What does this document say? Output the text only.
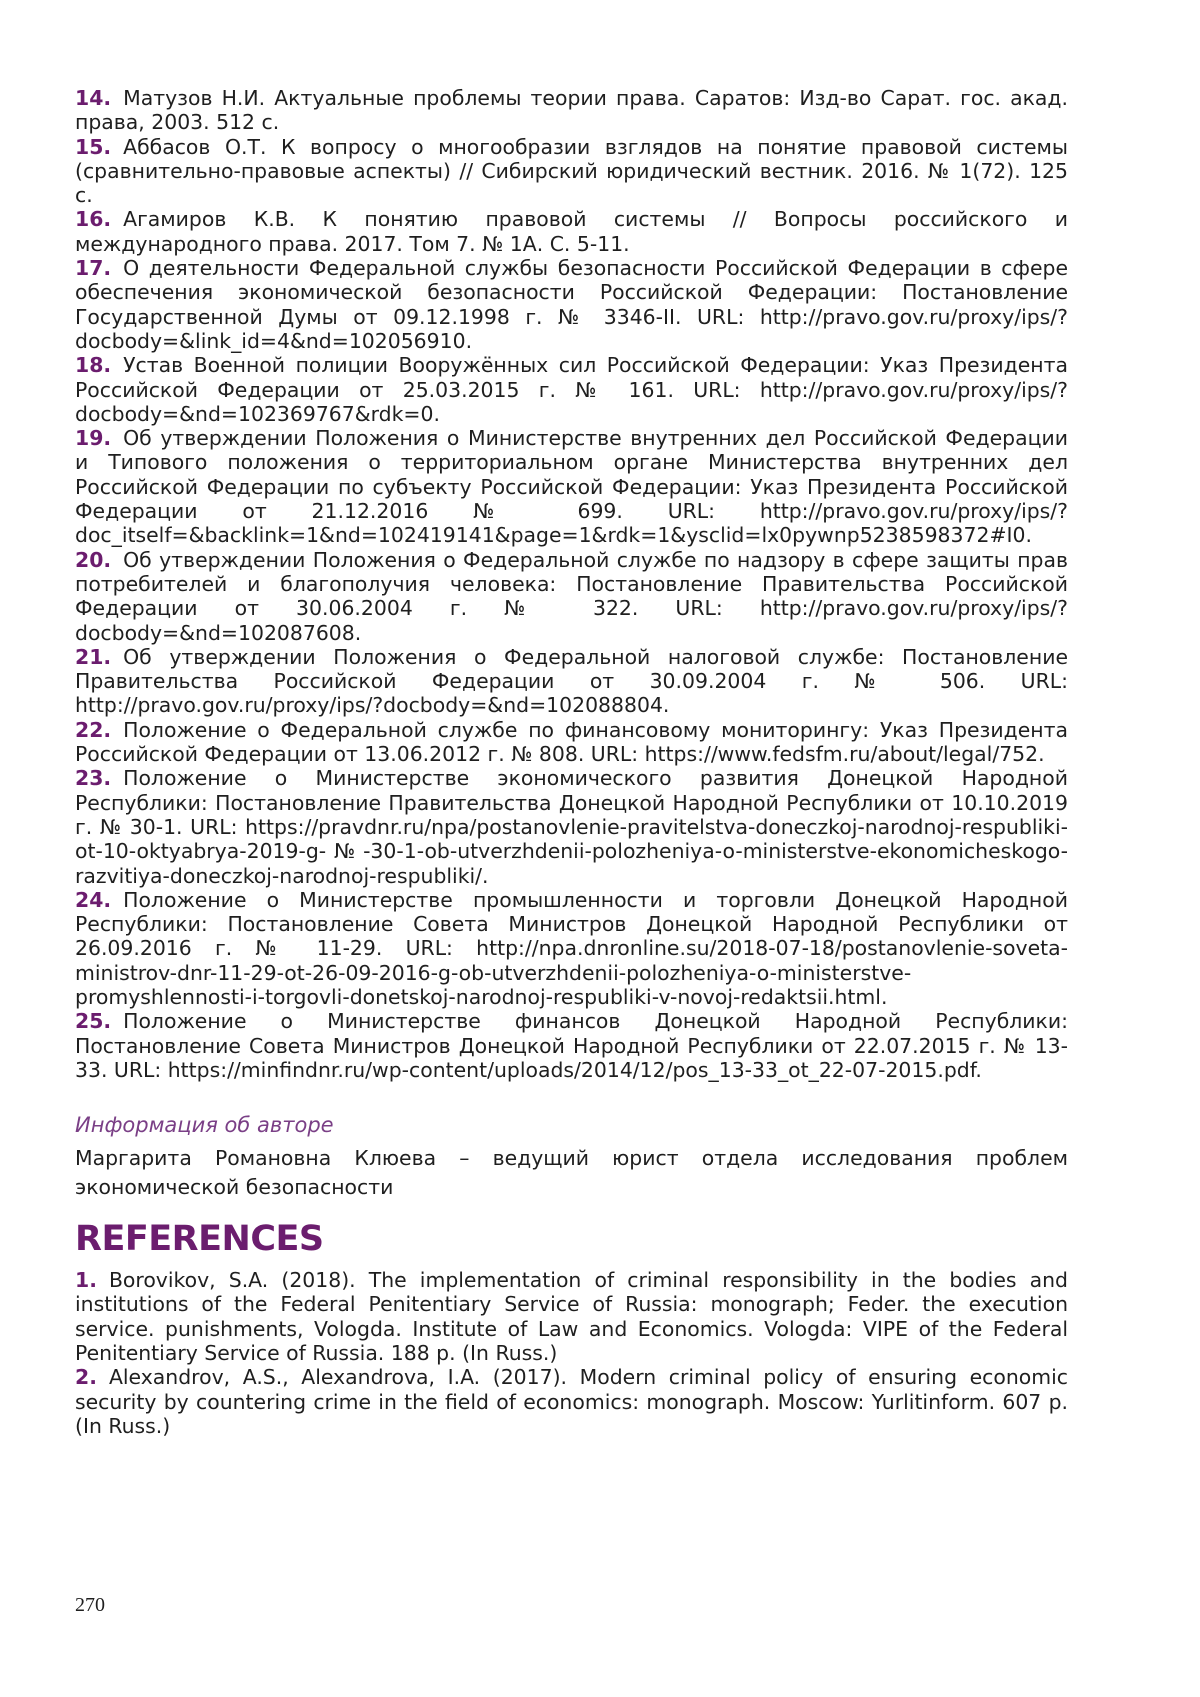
14. Матузов Н.И. Актуальные проблемы теории права. Саратов: Изд-во Сарат. гос. акад. права, 2003. 512 с.

15. Аббасов О.Т. К вопросу о многообразии взглядов на понятие правовой системы (сравнительно-правовые аспекты) // Сибирский юридический вестник. 2016. № 1(72). 125 с.

16. Агамиров К.В. К понятию правовой системы // Вопросы российского и международного права. 2017. Том 7. № 1А. С. 5-11.

17. О деятельности Федеральной службы безопасности Российской Федерации в сфере обеспечения экономической безопасности Российской Федерации: Постановление Государственной Думы от 09.12.1998 г. № 3346-II. URL: http://pravo.gov.ru/proxy/ips/?docbody=&link_id=4&nd=102056910.

18. Устав Военной полиции Вооружённых сил Российской Федерации: Указ Президента Российской Федерации от 25.03.2015 г. № 161. URL: http://pravo.gov.ru/proxy/ips/?docbody=&nd=102369767&rdk=0.

19. Об утверждении Положения о Министерстве внутренних дел Российской Федерации и Типового положения о территориальном органе Министерства внутренних дел Российской Федерации по субъекту Российской Федерации: Указ Президента Российской Федерации от 21.12.2016 № 699. URL: http://pravo.gov.ru/proxy/ips/?doc_itself=&backlink=1&nd=102419141&page=1&rdk=1&ysclid=lx0pywnp5238598372#I0.

20. Об утверждении Положения о Федеральной службе по надзору в сфере защиты прав потребителей и благополучия человека: Постановление Правительства Российской Федерации от 30.06.2004 г. № 322. URL: http://pravo.gov.ru/proxy/ips/?docbody=&nd=102087608.

21. Об утверждении Положения о Федеральной налоговой службе: Постановление Правительства Российской Федерации от 30.09.2004 г. № 506. URL: http://pravo.gov.ru/proxy/ips/?docbody=&nd=102088804.

22. Положение о Федеральной службе по финансовому мониторингу: Указ Президента Российской Федерации от 13.06.2012 г. № 808. URL: https://www.fedsfm.ru/about/legal/752.

23. Положение о Министерстве экономического развития Донецкой Народной Республики: Постановление Правительства Донецкой Народной Республики от 10.10.2019 г. № 30-1. URL: https://pravdnr.ru/npa/postanovlenie-pravitelstva-doneczkoj-narodnoj-respubliki-ot-10-oktyabrya-2019-g-№-30-1-ob-utverzhdenii-polozheniya-o-ministerstve-ekonomicheskogo-razvitiya-doneczkoj-narodnoj-respubliki/.

24. Положение о Министерстве промышленности и торговли Донецкой Народной Республики: Постановление Совета Министров Донецкой Народной Республики от 26.09.2016 г. № 11-29. URL: http://npa.dnronline.su/2018-07-18/postanovlenie-soveta-ministrov-dnr-11-29-ot-26-09-2016-g-ob-utverzhdenii-polozheniya-o-ministerstve-promyshlennosti-i-torgovli-donetskoj-narodnoj-respubliki-v-novoj-redaktsii.html.

25. Положение о Министерстве финансов Донецкой Народной Республики: Постановление Совета Министров Донецкой Народной Республики от 22.07.2015 г. № 13-33. URL: https://minfindnr.ru/wp-content/uploads/2014/12/pos_13-33_ot_22-07-2015.pdf.

Информация об авторе

Маргарита Романовна Клюева – ведущий юрист отдела исследования проблем экономической безопасности

REFERENCES

1. Borovikov, S.A. (2018). The implementation of criminal responsibility in the bodies and institutions of the Federal Penitentiary Service of Russia: monograph; Feder. the execution service. punishments, Vologda. Institute of Law and Economics. Vologda: VIPE of the Federal Penitentiary Service of Russia. 188 p. (In Russ.)

2. Alexandrov, A.S., Alexandrova, I.A. (2017). Modern criminal policy of ensuring economic security by countering crime in the field of economics: monograph. Moscow: Yurlitinform. 607 p. (In Russ.)

270
